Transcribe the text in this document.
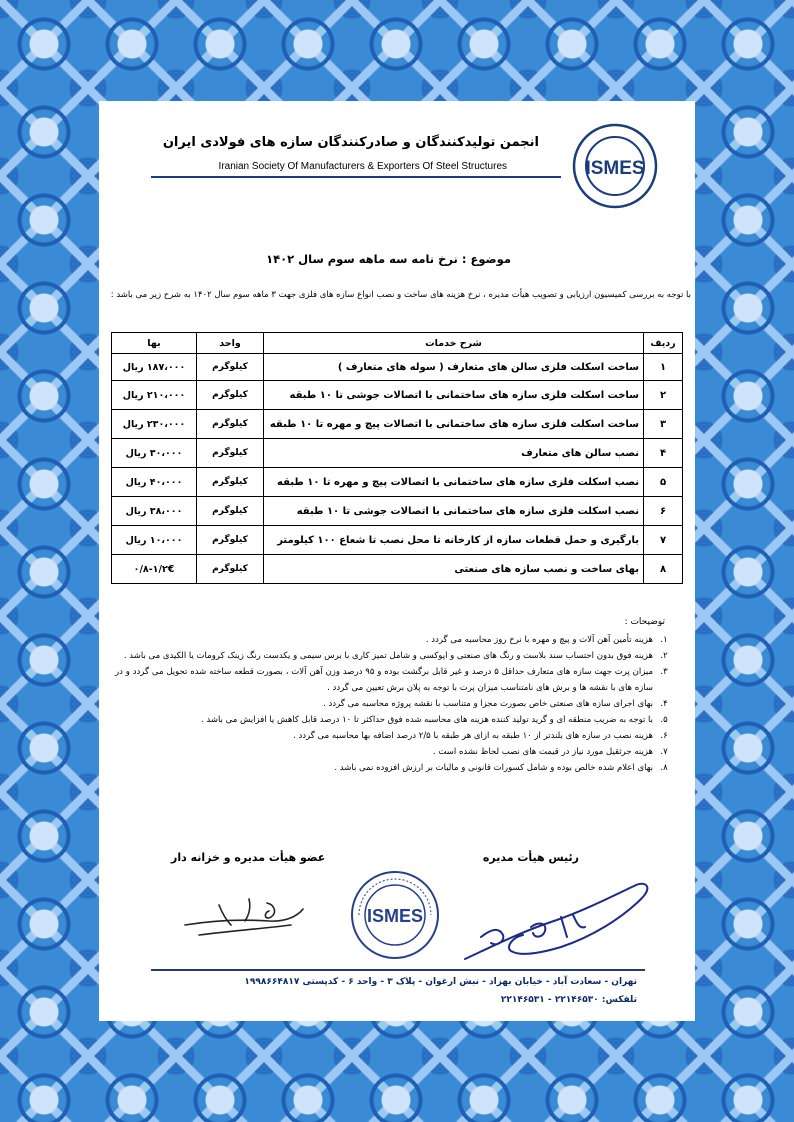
ISMES
انجمن تولیدکنندگان و صادرکنندگان سازه های فولادی ایران
Iranian Society Of Manufacturers & Exporters Of Steel Structures
موضوع : نرخ نامه سه ماهه سوم سال ۱۴۰۲
با توجه به بررسی کمیسیون ارزیابی و تصویب هیأت مدیره ، نرخ هزینه های ساخت و نصب انواع سازه های فلزی جهت ۳ ماهه سوم سال ۱۴۰۲ به شرح زیر می باشد :
ردیف	شرح خدمات	واحد	بها
۱	ساخت اسکلت فلزی سالن های متعارف ( سوله های متعارف )	کیلوگرم	۱۸۷،۰۰۰ ریال
۲	ساخت اسکلت فلزی سازه های ساختمانی با اتصالات جوشی تا ۱۰ طبقه	کیلوگرم	۲۱۰،۰۰۰ ریال
۳	ساخت اسکلت فلزی سازه های ساختمانی با اتصالات پیچ و مهره تا ۱۰ طبقه	کیلوگرم	۲۳۰،۰۰۰ ریال
۴	نصب سالن های متعارف	کیلوگرم	۳۰،۰۰۰ ریال
۵	نصب اسکلت فلزی سازه های ساختمانی با اتصالات پیچ و مهره تا ۱۰ طبقه	کیلوگرم	۴۰،۰۰۰ ریال
۶	نصب اسکلت فلزی سازه های ساختمانی با اتصالات جوشی تا ۱۰ طبقه	کیلوگرم	۳۸،۰۰۰ ریال
۷	بارگیری و حمل قطعات سازه از کارخانه تا محل نصب تا شعاع ۱۰۰ کیلومتر	کیلوگرم	۱۰،۰۰۰ ریال
۸	بهای ساخت و نصب سازه های صنعتی	کیلوگرم	۱/۲€-۰/۸
توضیحات :
۱.
هزینه تأمین آهن آلات و پیچ و مهره با نرخ روز محاسبه می گردد .
۲.
هزینه فوق بدون احتساب سند بلاست و رنگ های صنعتی و اپوکسی و شامل تمیز کاری با برس سیمی و یکدست رنگ زینک کرومات یا الکیدی می باشد .
۳.
میزان پرت جهت سازه های متعارف حداقل ۵ درصد و غیر قابل برگشت بوده و ۹۵ درصد وزن آهن آلات ، بصورت قطعه ساخته شده تحویل می گردد و در سازه های با نقشه ها و برش های نامتناسب میزان پرت با توجه به پلان برش تعیین می گردد .
۴.
بهای اجرای سازه های صنعتی خاص بصورت مجزا و متناسب با نقشه پروژه محاسبه می گردد .
۵.
با توجه به ضریب منطقه ای و گرید تولید کننده هزینه های محاسبه شده فوق حداکثر تا ۱۰ درصد قابل کاهش یا افزایش می باشد .
۶.
هزینه نصب در سازه های بلندتر از ۱۰ طبقه به ازای هر طبقه با ۲/۵ درصد اضافه بها محاسبه می گردد .
۷.
هزینه جرثقیل مورد نیاز در قیمت های نصب لحاظ نشده است .
۸.
بهای اعلام شده خالص بوده و شامل کسورات قانونی و مالیات بر ارزش افزوده نمی باشد .
رئیس هیأت مدیره
عضو هیأت مدیره و خزانه دار
ISMES
تهران - سعادت آباد - خیابان بهزاد - نبش ارغوان - پلاک ۳ - واحد ۶ - کدپستی ۱۹۹۸۶۶۴۸۱۷
تلفکس: ۲۲۱۴۶۵۳۰ - ۲۲۱۴۶۵۳۱
